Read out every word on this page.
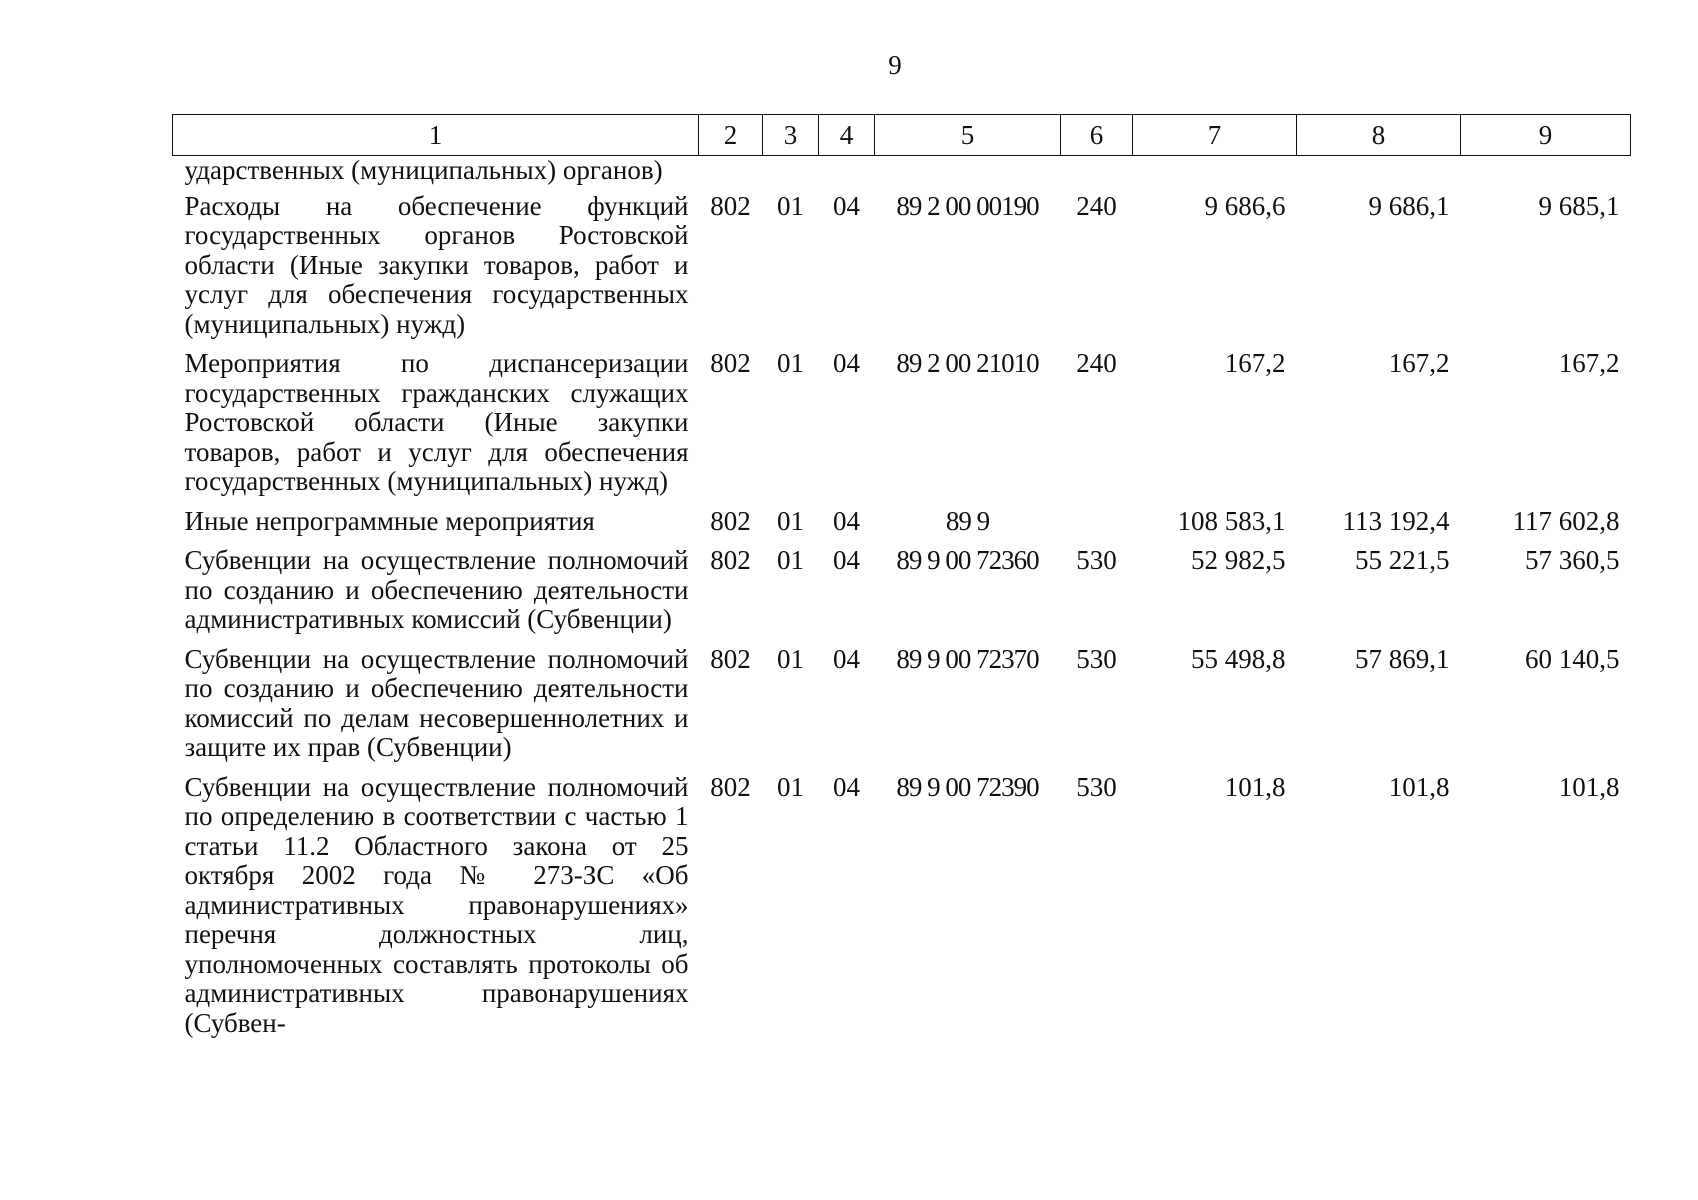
9
1	2	3	4	5	6	7	8	9
ударственных (муниципальных) органов)								
Расходы на обеспечение функций государственных органов Ростовской области (Иные закупки товаров, работ и услуг для обеспечения государственных (муниципальных) нужд)	802	01	04	89 2 00 00190	240	9 686,6	9 686,1	9 685,1
Мероприятия по диспансеризации государственных гражданских служащих Ростовской области (Иные закупки товаров, работ и услуг для обеспечения государственных (муниципальных) нужд)	802	01	04	89 2 00 21010	240	167,2	167,2	167,2
Иные непрограммные мероприятия	802	01	04	89 9		108 583,1	113 192,4	117 602,8
Субвенции на осуществление полномочий по созданию и обеспечению деятельности административных комиссий (Субвенции)	802	01	04	89 9 00 72360	530	52 982,5	55 221,5	57 360,5
Субвенции на осуществление полномочий по созданию и обеспечению деятельности комиссий по делам несовершеннолетних и защите их прав (Субвенции)	802	01	04	89 9 00 72370	530	55 498,8	57 869,1	60 140,5
Субвенции на осуществление полномочий по определению в соответствии с частью 1 статьи 11.2 Областного закона от 25 октября 2002 года № 273-ЗС «Об административных правонарушениях» перечня должностных лиц, уполномоченных составлять протоколы об административных правонарушениях (Субвен-	802	01	04	89 9 00 72390	530	101,8	101,8	101,8
